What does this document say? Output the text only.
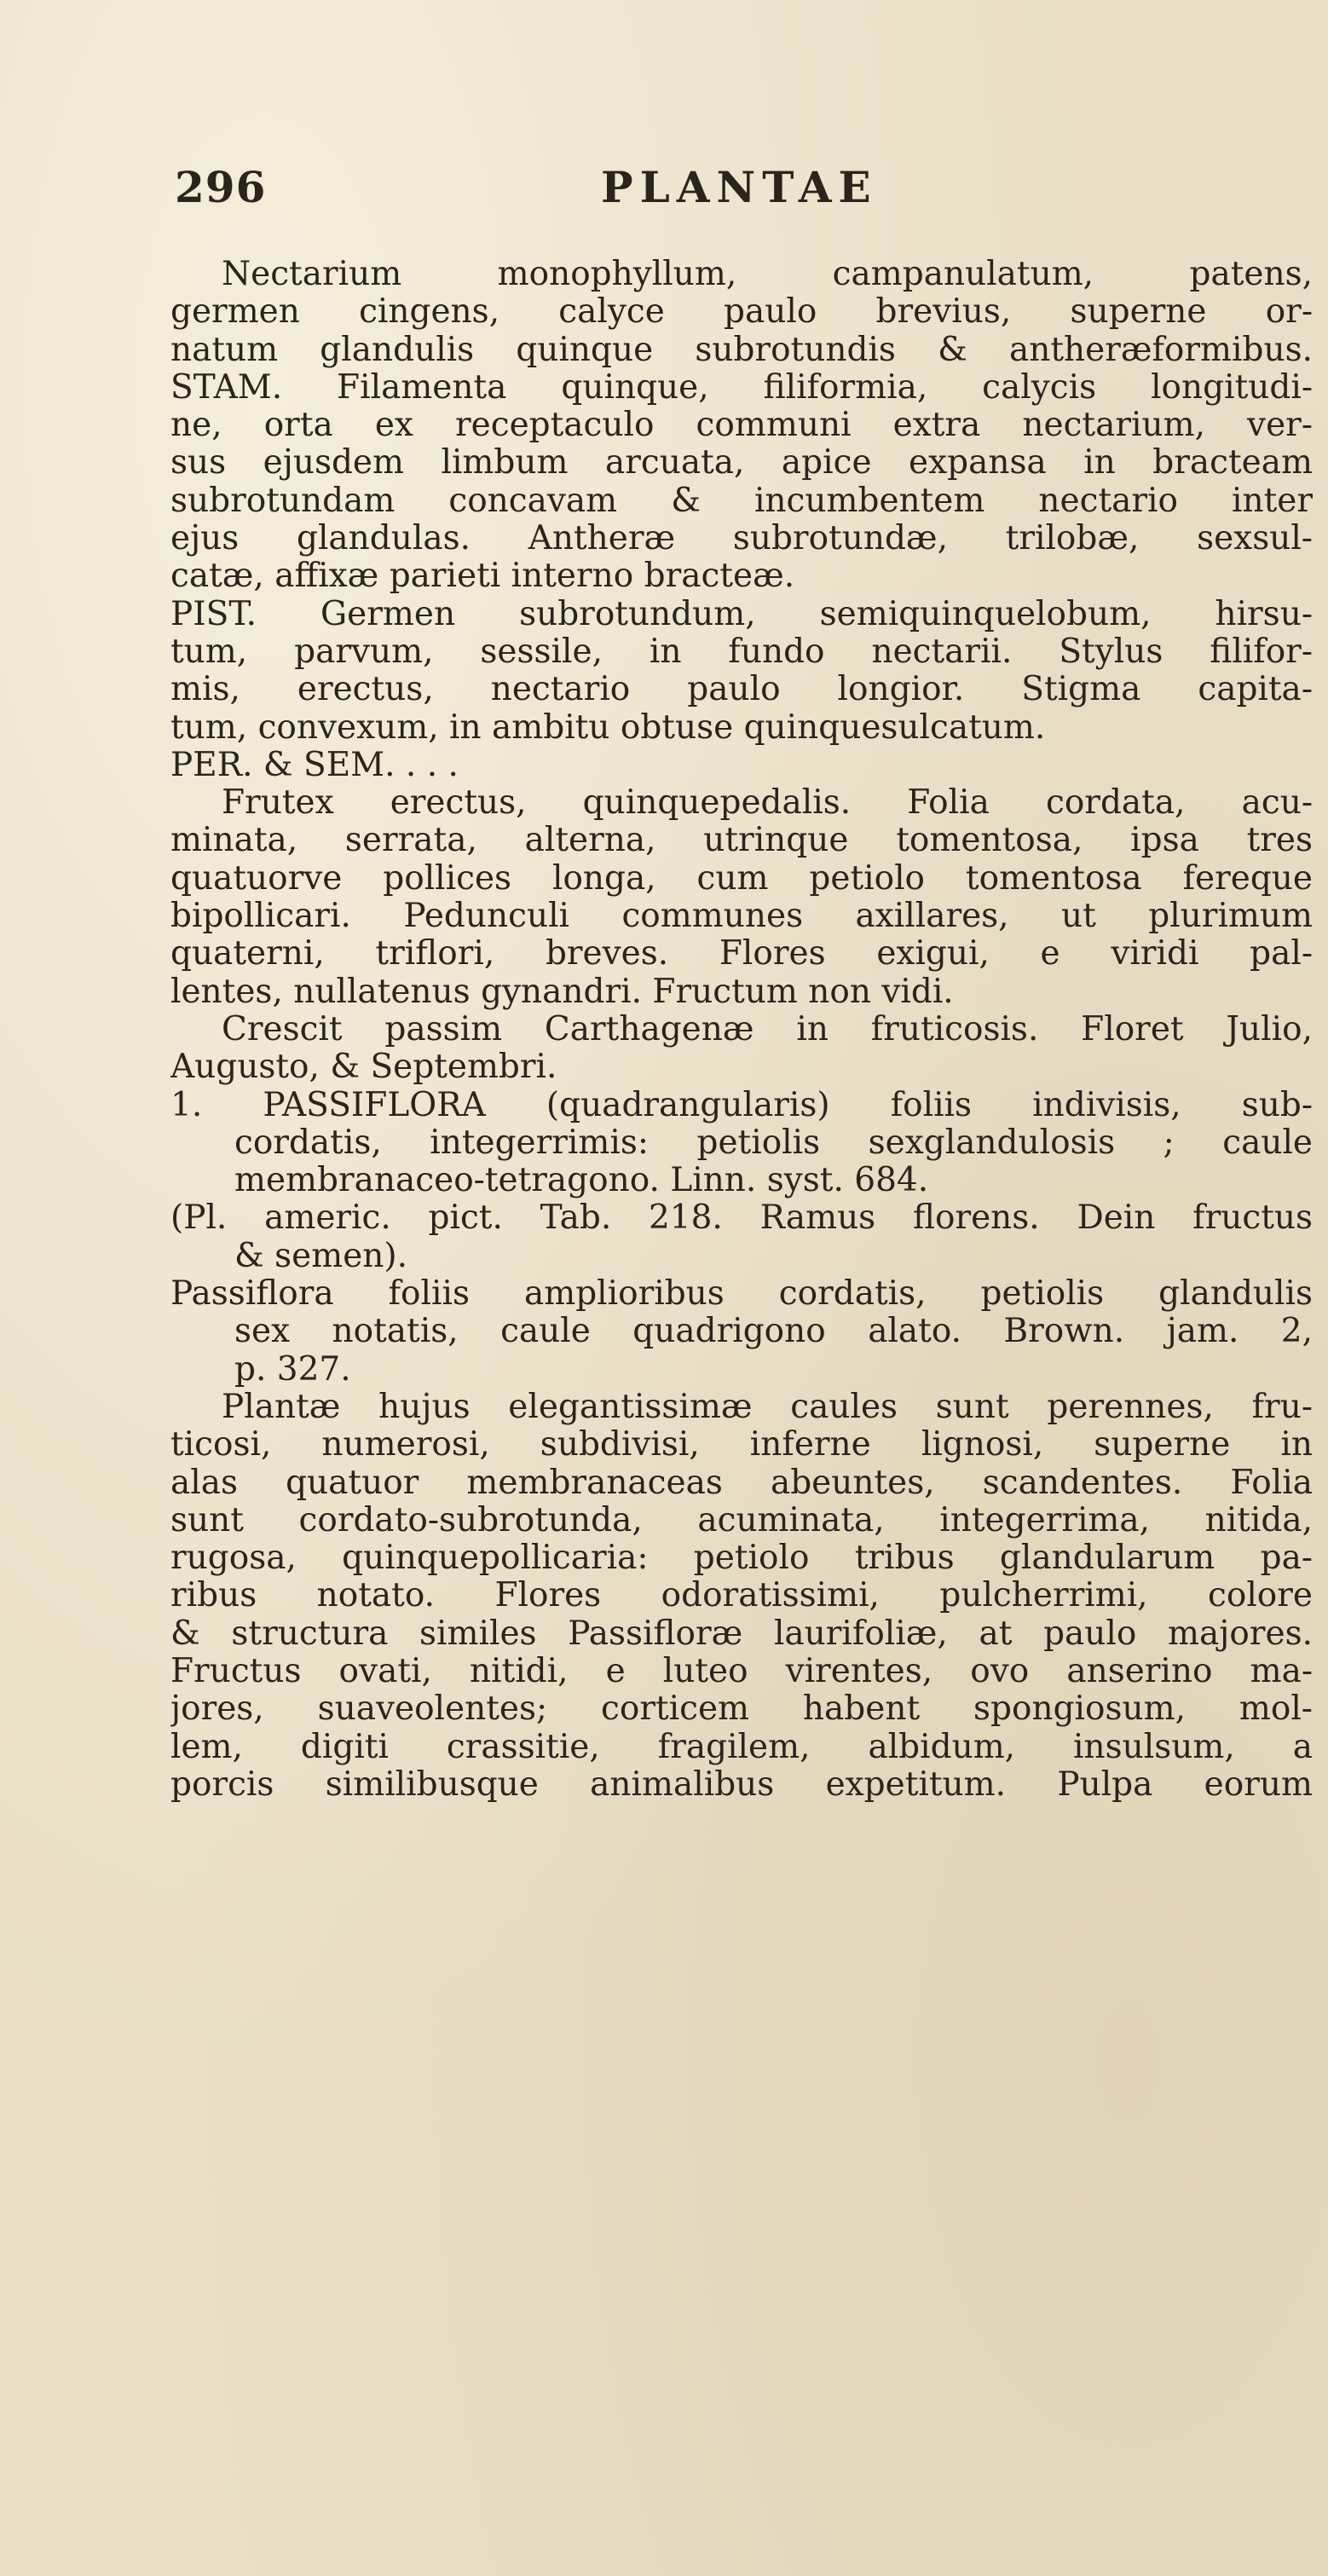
296	PLANTAE
Nectarium monophyllum, campanulatum, patens,
germen cingens, calyce paulo brevius, superne or-
natum glandulis quinque subrotundis & antheræformibus.
STAM. Filamenta quinque, filiformia, calycis longitudi-
ne, orta ex receptaculo communi extra nectarium, ver-
sus ejusdem limbum arcuata, apice expansa in bracteam
subrotundam concavam & incumbentem nectario inter
ejus glandulas. Antheræ subrotundæ, trilobæ, sexsul-
catæ, affixæ parieti interno bracteæ.
PIST. Germen subrotundum, semiquinquelobum, hirsu-
tum, parvum, sessile, in fundo nectarii. Stylus filifor-
mis, erectus, nectario paulo longior. Stigma capita-
tum, convexum, in ambitu obtuse quinquesulcatum.
PER. & SEM. . . .
Frutex erectus, quinquepedalis. Folia cordata, acu-
minata, serrata, alterna, utrinque tomentosa, ipsa tres
quatuorve pollices longa, cum petiolo tomentosa fereque
bipollicari. Pedunculi communes axillares, ut plurimum
quaterni, triflori, breves. Flores exigui, e viridi pal-
lentes, nullatenus gynandri. Fructum non vidi.
Crescit passim Carthagenæ in fruticosis. Floret Julio,
Augusto, & Septembri.
1. PASSIFLORA (quadrangularis) foliis indivisis, sub-
cordatis, integerrimis: petiolis sexglandulosis ; caule
membranaceo-tetragono. Linn. syst. 684.
(Pl. americ. pict. Tab. 218. Ramus florens. Dein fructus
& semen).
Passiflora foliis amplioribus cordatis, petiolis glandulis
sex notatis, caule quadrigono alato. Brown. jam. 2,
p. 327.
Plantæ hujus elegantissimæ caules sunt perennes, fru-
ticosi, numerosi, subdivisi, inferne lignosi, superne in
alas quatuor membranaceas abeuntes, scandentes. Folia
sunt cordato-subrotunda, acuminata, integerrima, nitida,
rugosa, quinquepollicaria: petiolo tribus glandularum pa-
ribus notato. Flores odoratissimi, pulcherrimi, colore
& structura similes Passifloræ laurifoliæ, at paulo majores.
Fructus ovati, nitidi, e luteo virentes, ovo anserino ma-
jores, suaveolentes; corticem habent spongiosum, mol-
lem, digiti crassitie, fragilem, albidum, insulsum, a
porcis similibusque animalibus expetitum. Pulpa eorum
